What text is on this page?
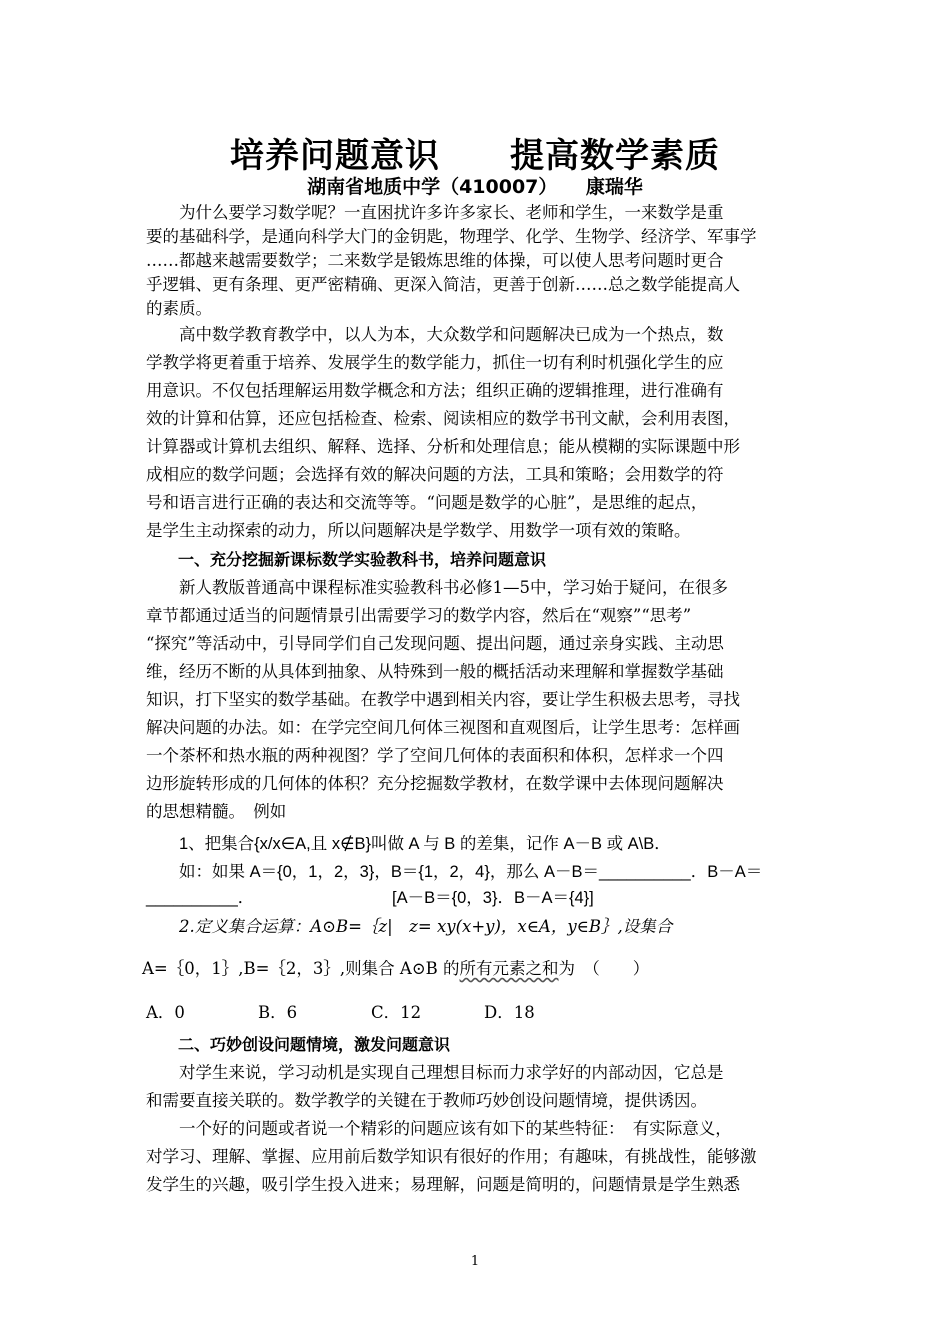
培养问题意识　　提高数学素质
湖南省地质中学（410007）　　康瑞华
　　为什么要学习数学呢？一直困扰许多许多家长、老师和学生，一来数学是重
要的基础科学，是通向科学大门的金钥匙，物理学、化学、生物学、经济学、军事学
……都越来越需要数学；二来数学是锻炼思维的体操，可以使人思考问题时更合
乎逻辑、更有条理、更严密精确、更深入简洁，更善于创新……总之数学能提高人
的素质。
　　高中数学教育教学中，以人为本，大众数学和问题解决已成为一个热点，数
学教学将更着重于培养、发展学生的数学能力，抓住一切有利时机强化学生的应
用意识。不仅包括理解运用数学概念和方法；组织正确的逻辑推理，进行准确有
效的计算和估算，还应包括检查、检索、阅读相应的数学书刊文献，会利用表图，
计算器或计算机去组织、解释、选择、分析和处理信息；能从模糊的实际课题中形
成相应的数学问题；会选择有效的解决问题的方法，工具和策略；会用数学的符
号和语言进行正确的表达和交流等等。“问题是数学的心脏”，是思维的起点，
是学生主动探索的动力，所以问题解决是学数学、用数学一项有效的策略。
　　一、充分挖掘新课标数学实验教科书，培养问题意识
　　新人教版普通高中课程标准实验教科书必修1—5中，学习始于疑问，在很多
章节都通过适当的问题情景引出需要学习的数学内容，然后在“观察”“思考”
“探究”等活动中，引导同学们自己发现问题、提出问题，通过亲身实践、主动思
维，经历不断的从具体到抽象、从特殊到一般的概括活动来理解和掌握数学基础
知识，打下坚实的数学基础。在教学中遇到相关内容，要让学生积极去思考，寻找
解决问题的办法。如：在学完空间几何体三视图和直观图后，让学生思考：怎样画
一个茶杯和热水瓶的两种视图？学了空间几何体的表面积和体积，怎样求一个四
边形旋转形成的几何体的体积？充分挖掘数学教材，在数学课中去体现问题解决
的思想精髓。　例如
　　1、把集合{x/x∈A,且 x∉B}叫做 A 与 B 的差集，记作 A－B 或 A\B．
　　如：如果 A＝{0，1，2，3}，B＝{1，2，4}，那么 A－B＝__________．B－A＝
__________．	[A－B＝{0，3}．B－A＝{4}]
　　2.定义集合运算：A⊙B=｛z|　z= xy(x+y)，x∈A，y∈B｝,设集合
A=｛0，1｝,B=｛2，3｝,则集合 A⊙B 的所有元素之和为　（　　）
A．0	B．6	C．12	D．18
　　二、巧妙创设问题情境，激发问题意识
　　对学生来说，学习动机是实现自己理想目标而力求学好的内部动因，它总是
和需要直接关联的。数学教学的关键在于教师巧妙创设问题情境，提供诱因。
　　一个好的问题或者说一个精彩的问题应该有如下的某些特征：　有实际意义，
对学习、理解、掌握、应用前后数学知识有很好的作用；有趣味，有挑战性，能够激
发学生的兴趣，吸引学生投入进来；易理解，问题是简明的，问题情景是学生熟悉
1
